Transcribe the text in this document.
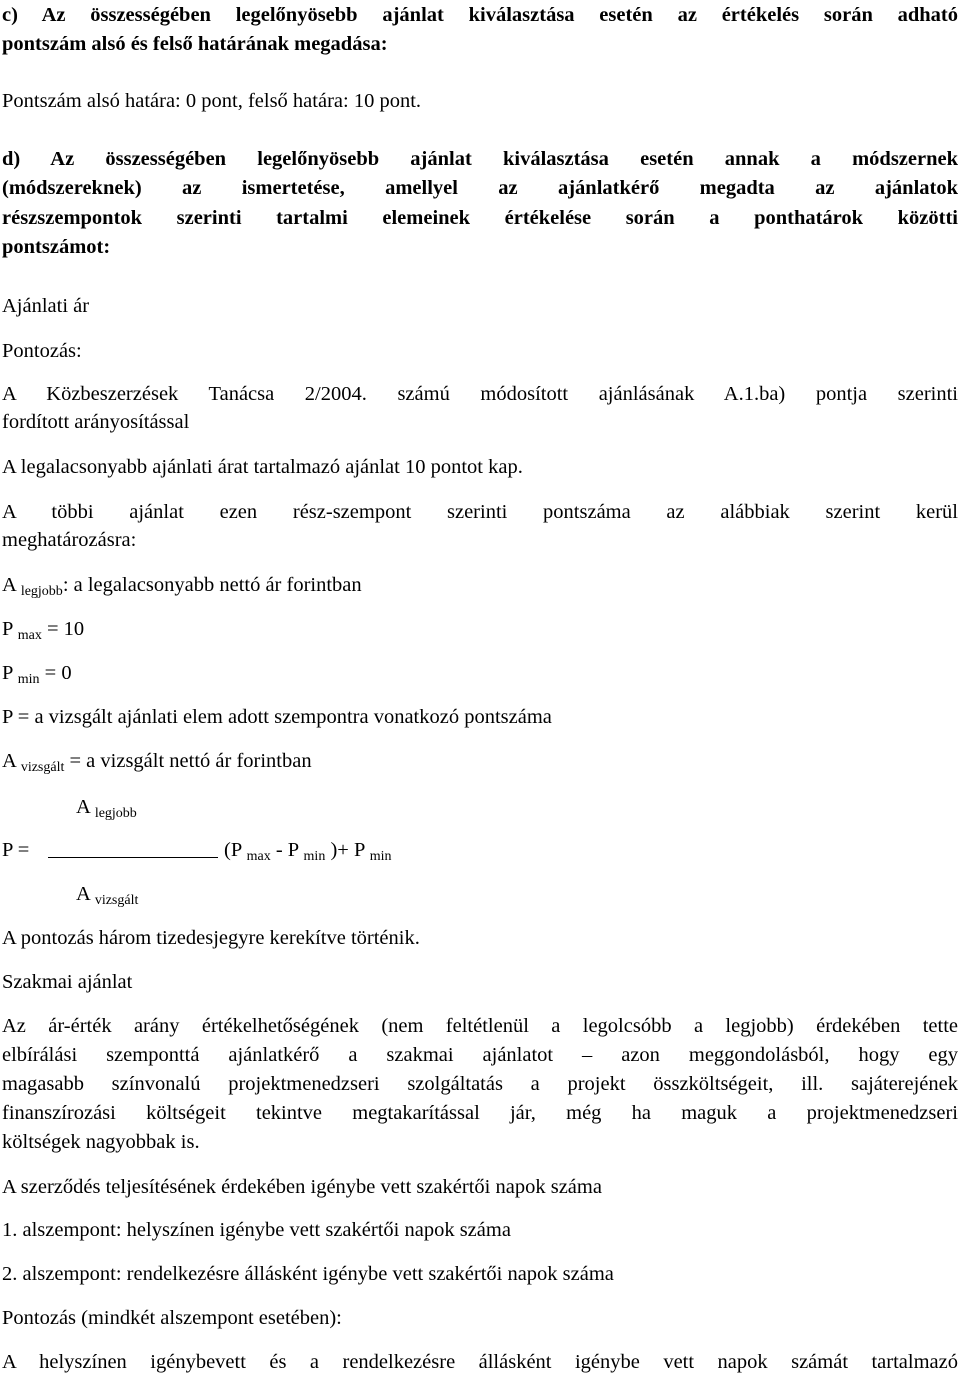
c) Az összességében legelőnyösebb ajánlat kiválasztása esetén az értékelés során adható
pontszám alsó és felső határának megadása:
Pontszám alsó határa: 0 pont, felső határa: 10 pont.
d) Az összességében legelőnyösebb ajánlat kiválasztása esetén annak a módszernek
(módszereknek) az ismertetése, amellyel az ajánlatkérő megadta az ajánlatok
részszempontok szerinti tartalmi elemeinek értékelése során a ponthatárok közötti
pontszámot:
Ajánlati ár
Pontozás:
A Közbeszerzések Tanácsa 2/2004. számú módosított ajánlásának A.1.ba) pontja szerinti
fordított arányosítással
A legalacsonyabb ajánlati árat tartalmazó ajánlat 10 pontot kap.
A többi ajánlat ezen rész-szempont szerinti pontszáma az alábbiak szerint kerül
meghatározásra:
A $_{legjobb}$: a legalacsonyabb nettó ár forintban
P $_{max}$ = 10
P $_{min}$ = 0
P = a vizsgált ajánlati elem adott szempontra vonatkozó pontszáma
A $_{vizsgált}$ = a vizsgált nettó ár forintban
A $_{legjobb}$
P =	(P $_{max}$ - P $_{min}$ )+ P $_{min}$
A $_{vizsgált}$
A pontozás három tizedesjegyre kerekítve történik.
Szakmai ajánlat
Az ár-érték arány értékelhetőségének (nem feltétlenül a legolcsóbb a legjobb) érdekében tette
elbírálási szemponttá ajánlatkérő a szakmai ajánlatot – azon meggondolásból, hogy egy
magasabb színvonalú projektmenedzseri szolgáltatás a projekt összköltségeit, ill. sajáterejének
finanszírozási költségeit tekintve megtakarítással jár, még ha maguk a projektmenedzseri
költségek nagyobbak is.
A szerződés teljesítésének érdekében igénybe vett szakértői napok száma
1. alszempont: helyszínen igénybe vett szakértői napok száma
2. alszempont: rendelkezésre állásként igénybe vett szakértői napok száma
Pontozás (mindkét alszempont esetében):
A helyszínen igénybevett és a rendelkezésre állásként igénybe vett napok számát tartalmazó
